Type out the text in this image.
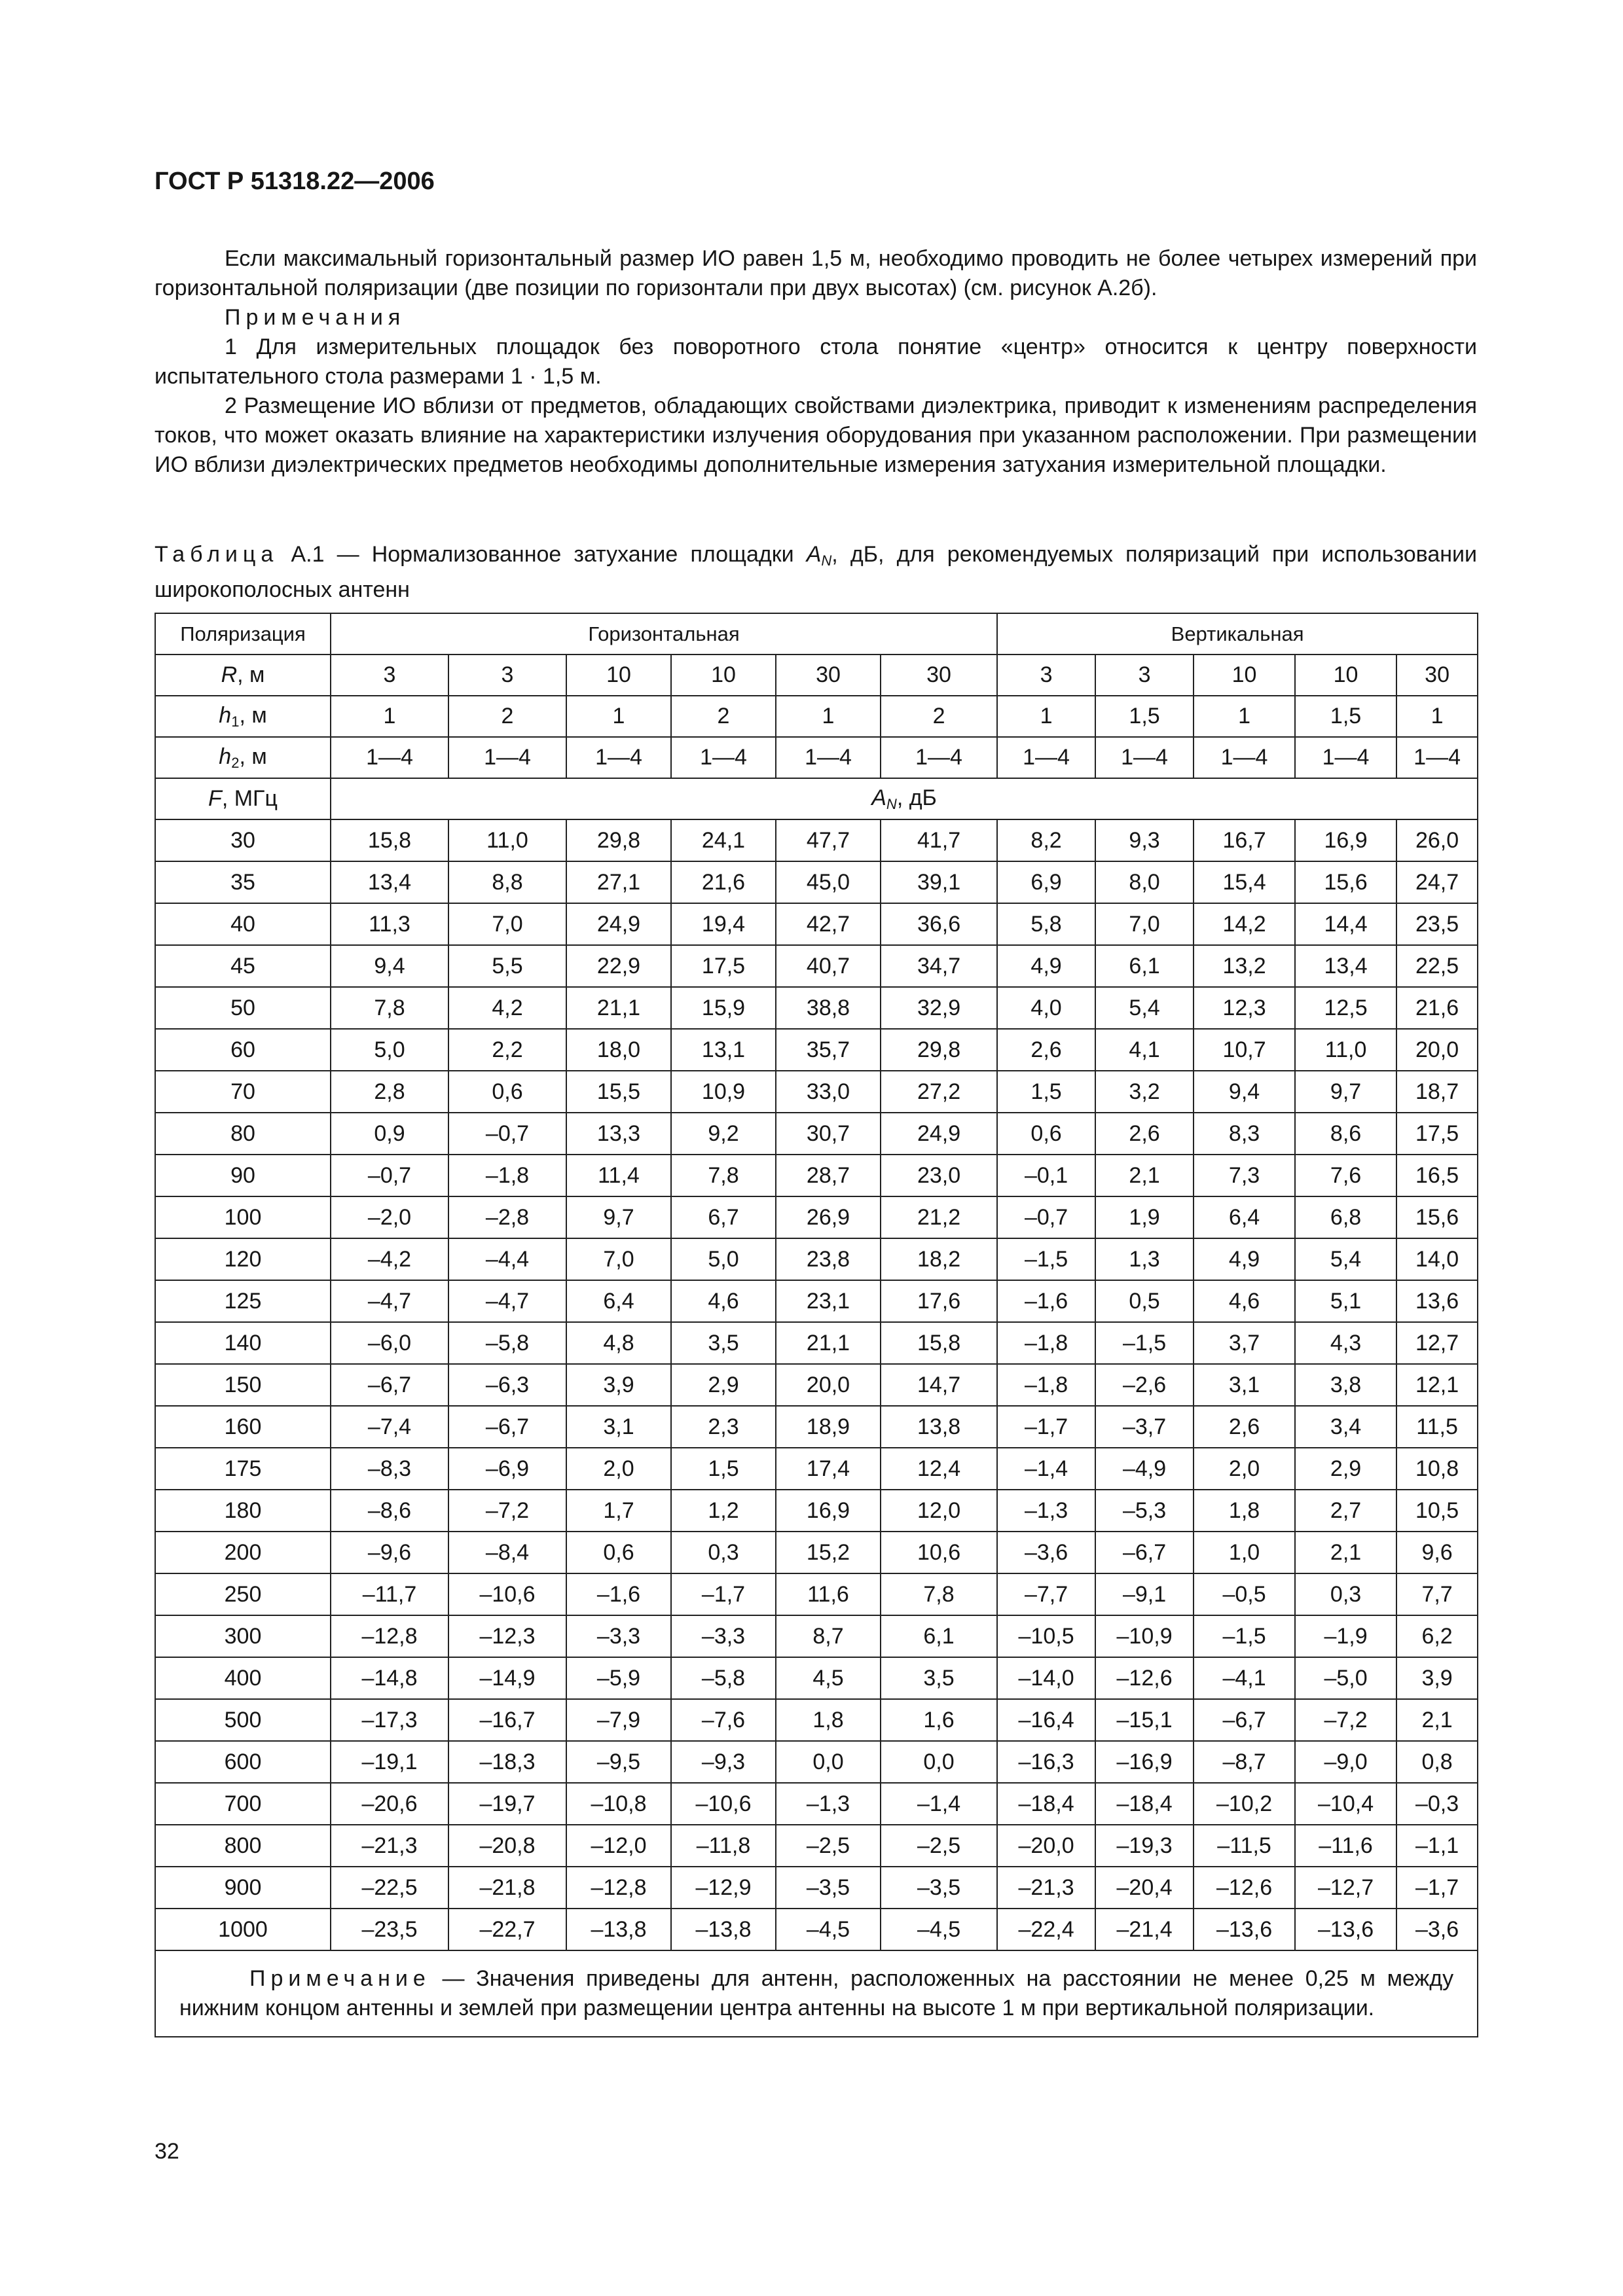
ГОСТ Р 51318.22—2006

Если максимальный горизонтальный размер ИО равен 1,5 м, необходимо проводить не более четырех измерений при горизонтальной поляризации (две позиции по горизонтали при двух высотах) (см. рисунок А.2б).

Примечания

1 Для измерительных площадок без поворотного стола понятие «центр» относится к центру поверхности испытательного стола размерами 1 · 1,5 м.

2 Размещение ИО вблизи от предметов, обладающих свойствами диэлектрика, приводит к изменениям распределения токов, что может оказать влияние на характеристики излучения оборудования при указанном расположении. При размещении ИО вблизи диэлектрических предметов необходимы дополнительные измерения затухания измерительной площадки.

Таблица А.1 — Нормализованное затухание площадки $A_N$, дБ, для рекомендуемых поляризаций при использовании широкополосных антенн
Поляризация	Горизонтальная						Вертикальная				
R, м	3	3	10	10	30	30	3	3	10	10	30
$h_1$, м	1	2	1	2	1	2	1	1,5	1	1,5	1
$h_2$, м	1—4	1—4	1—4	1—4	1—4	1—4	1—4	1—4	1—4	1—4	1—4
F, МГц	$A_N$, дБ										
30	15,8	11,0	29,8	24,1	47,7	41,7	8,2	9,3	16,7	16,9	26,0
35	13,4	8,8	27,1	21,6	45,0	39,1	6,9	8,0	15,4	15,6	24,7
40	11,3	7,0	24,9	19,4	42,7	36,6	5,8	7,0	14,2	14,4	23,5
45	9,4	5,5	22,9	17,5	40,7	34,7	4,9	6,1	13,2	13,4	22,5
50	7,8	4,2	21,1	15,9	38,8	32,9	4,0	5,4	12,3	12,5	21,6
60	5,0	2,2	18,0	13,1	35,7	29,8	2,6	4,1	10,7	11,0	20,0
70	2,8	0,6	15,5	10,9	33,0	27,2	1,5	3,2	9,4	9,7	18,7
80	0,9	–0,7	13,3	9,2	30,7	24,9	0,6	2,6	8,3	8,6	17,5
90	–0,7	–1,8	11,4	7,8	28,7	23,0	–0,1	2,1	7,3	7,6	16,5
100	–2,0	–2,8	9,7	6,7	26,9	21,2	–0,7	1,9	6,4	6,8	15,6
120	–4,2	–4,4	7,0	5,0	23,8	18,2	–1,5	1,3	4,9	5,4	14,0
125	–4,7	–4,7	6,4	4,6	23,1	17,6	–1,6	0,5	4,6	5,1	13,6
140	–6,0	–5,8	4,8	3,5	21,1	15,8	–1,8	–1,5	3,7	4,3	12,7
150	–6,7	–6,3	3,9	2,9	20,0	14,7	–1,8	–2,6	3,1	3,8	12,1
160	–7,4	–6,7	3,1	2,3	18,9	13,8	–1,7	–3,7	2,6	3,4	11,5
175	–8,3	–6,9	2,0	1,5	17,4	12,4	–1,4	–4,9	2,0	2,9	10,8
180	–8,6	–7,2	1,7	1,2	16,9	12,0	–1,3	–5,3	1,8	2,7	10,5
200	–9,6	–8,4	0,6	0,3	15,2	10,6	–3,6	–6,7	1,0	2,1	9,6
250	–11,7	–10,6	–1,6	–1,7	11,6	7,8	–7,7	–9,1	–0,5	0,3	7,7
300	–12,8	–12,3	–3,3	–3,3	8,7	6,1	–10,5	–10,9	–1,5	–1,9	6,2
400	–14,8	–14,9	–5,9	–5,8	4,5	3,5	–14,0	–12,6	–4,1	–5,0	3,9
500	–17,3	–16,7	–7,9	–7,6	1,8	1,6	–16,4	–15,1	–6,7	–7,2	2,1
600	–19,1	–18,3	–9,5	–9,3	0,0	0,0	–16,3	–16,9	–8,7	–9,0	0,8
700	–20,6	–19,7	–10,8	–10,6	–1,3	–1,4	–18,4	–18,4	–10,2	–10,4	–0,3
800	–21,3	–20,8	–12,0	–11,8	–2,5	–2,5	–20,0	–19,3	–11,5	–11,6	–1,1
900	–22,5	–21,8	–12,8	–12,9	–3,5	–3,5	–21,3	–20,4	–12,6	–12,7	–1,7
1000	–23,5	–22,7	–13,8	–13,8	–4,5	–4,5	–22,4	–21,4	–13,6	–13,6	–3,6
Примечание — Значения приведены для антенн, расположенных на расстоянии не менее 0,25 м между нижним концом антенны и землей при размещении центра антенны на высоте 1 м при вертикальной поляризации.											
32
